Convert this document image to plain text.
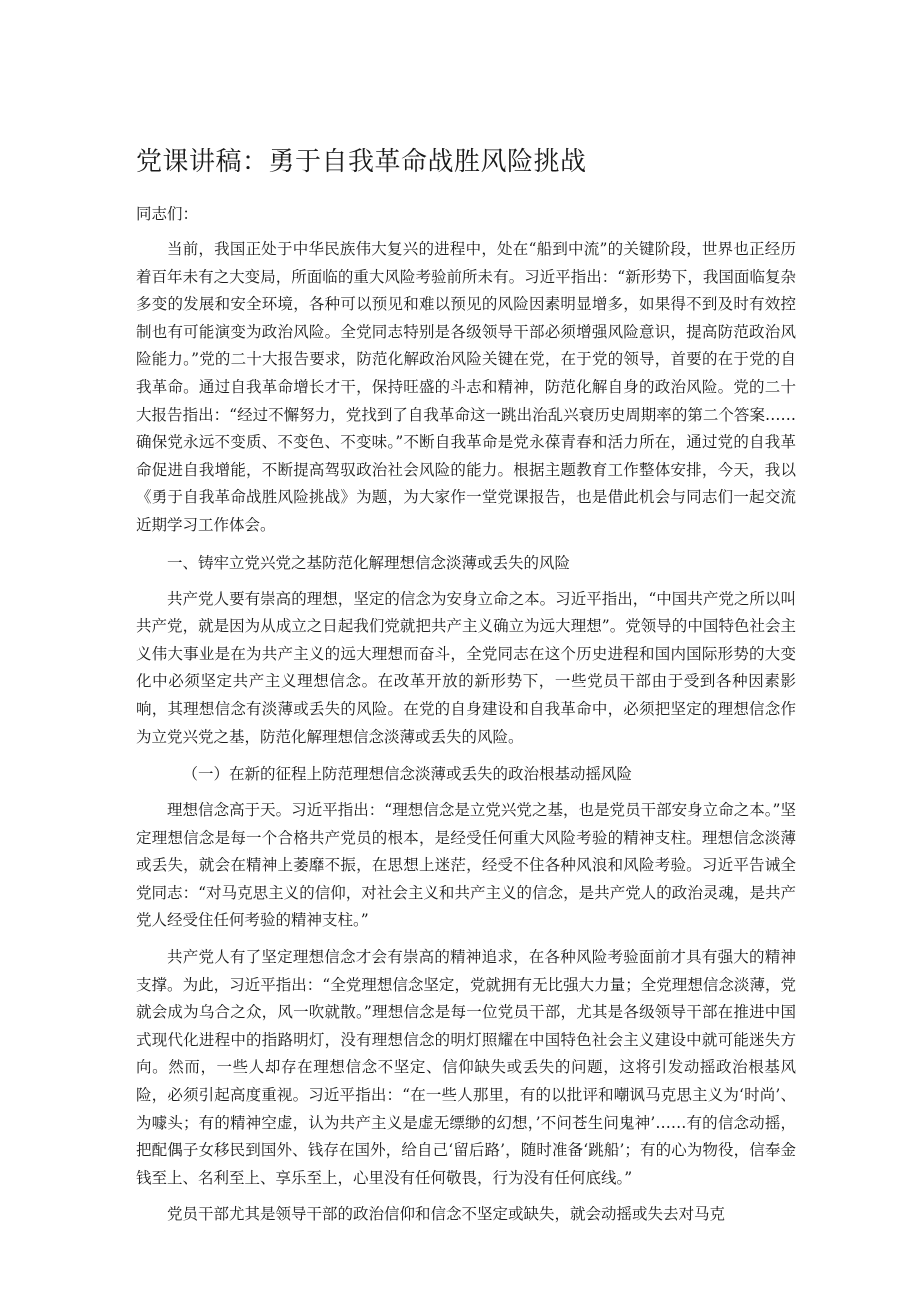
党课讲稿：勇于自我革命战胜风险挑战

同志们：

当前，我国正处于中华民族伟大复兴的进程中，处在“船到中流”的关键阶段，世界也正经历着百年未有之大变局，所面临的重大风险考验前所未有。习近平指出：“新形势下，我国面临复杂多变的发展和安全环境，各种可以预见和难以预见的风险因素明显增多，如果得不到及时有效控制也有可能演变为政治风险。全党同志特别是各级领导干部必须增强风险意识，提高防范政治风险能力。”党的二十大报告要求，防范化解政治风险关键在党，在于党的领导，首要的在于党的自我革命。通过自我革命增长才干，保持旺盛的斗志和精神，防范化解自身的政治风险。党的二十大报告指出：“经过不懈努力，党找到了自我革命这一跳出治乱兴衰历史周期率的第二个答案……确保党永远不变质、不变色、不变味。”不断自我革命是党永葆青春和活力所在，通过党的自我革命促进自我增能，不断提高驾驭政治社会风险的能力。根据主题教育工作整体安排，今天，我以《勇于自我革命战胜风险挑战》为题，为大家作一堂党课报告，也是借此机会与同志们一起交流近期学习工作体会。

一、铸牢立党兴党之基防范化解理想信念淡薄或丢失的风险

共产党人要有崇高的理想，坚定的信念为安身立命之本。习近平指出，“中国共产党之所以叫共产党，就是因为从成立之日起我们党就把共产主义确立为远大理想”。党领导的中国特色社会主义伟大事业是在为共产主义的远大理想而奋斗，全党同志在这个历史进程和国内国际形势的大变化中必须坚定共产主义理想信念。在改革开放的新形势下，一些党员干部由于受到各种因素影响，其理想信念有淡薄或丢失的风险。在党的自身建设和自我革命中，必须把坚定的理想信念作为立党兴党之基，防范化解理想信念淡薄或丢失的风险。

（一）在新的征程上防范理想信念淡薄或丢失的政治根基动摇风险

理想信念高于天。习近平指出：“理想信念是立党兴党之基，也是党员干部安身立命之本。”坚定理想信念是每一个合格共产党员的根本，是经受任何重大风险考验的精神支柱。理想信念淡薄或丢失，就会在精神上萎靡不振，在思想上迷茫，经受不住各种风浪和风险考验。习近平告诫全党同志：“对马克思主义的信仰，对社会主义和共产主义的信念，是共产党人的政治灵魂，是共产党人经受住任何考验的精神支柱。”

共产党人有了坚定理想信念才会有崇高的精神追求，在各种风险考验面前才具有强大的精神支撑。为此，习近平指出：“全党理想信念坚定，党就拥有无比强大力量；全党理想信念淡薄，党就会成为乌合之众，风一吹就散。”理想信念是每一位党员干部，尤其是各级领导干部在推进中国式现代化进程中的指路明灯，没有理想信念的明灯照耀在中国特色社会主义建设中就可能迷失方向。然而，一些人却存在理想信念不坚定、信仰缺失或丢失的问题，这将引发动摇政治根基风险，必须引起高度重视。习近平指出：“在一些人那里，有的以批评和嘲讽马克思主义为‘时尚’、为噱头；有的精神空虚，认为共产主义是虚无缥缈的幻想，’不问苍生问鬼神’……有的信念动摇，把配偶子女移民到国外、钱存在国外，给自己‘留后路’，随时准备‘跳船’；有的心为物役，信奉金钱至上、名利至上、享乐至上，心里没有任何敬畏，行为没有任何底线。”

党员干部尤其是领导干部的政治信仰和信念不坚定或缺失，就会动摇或失去对马克
